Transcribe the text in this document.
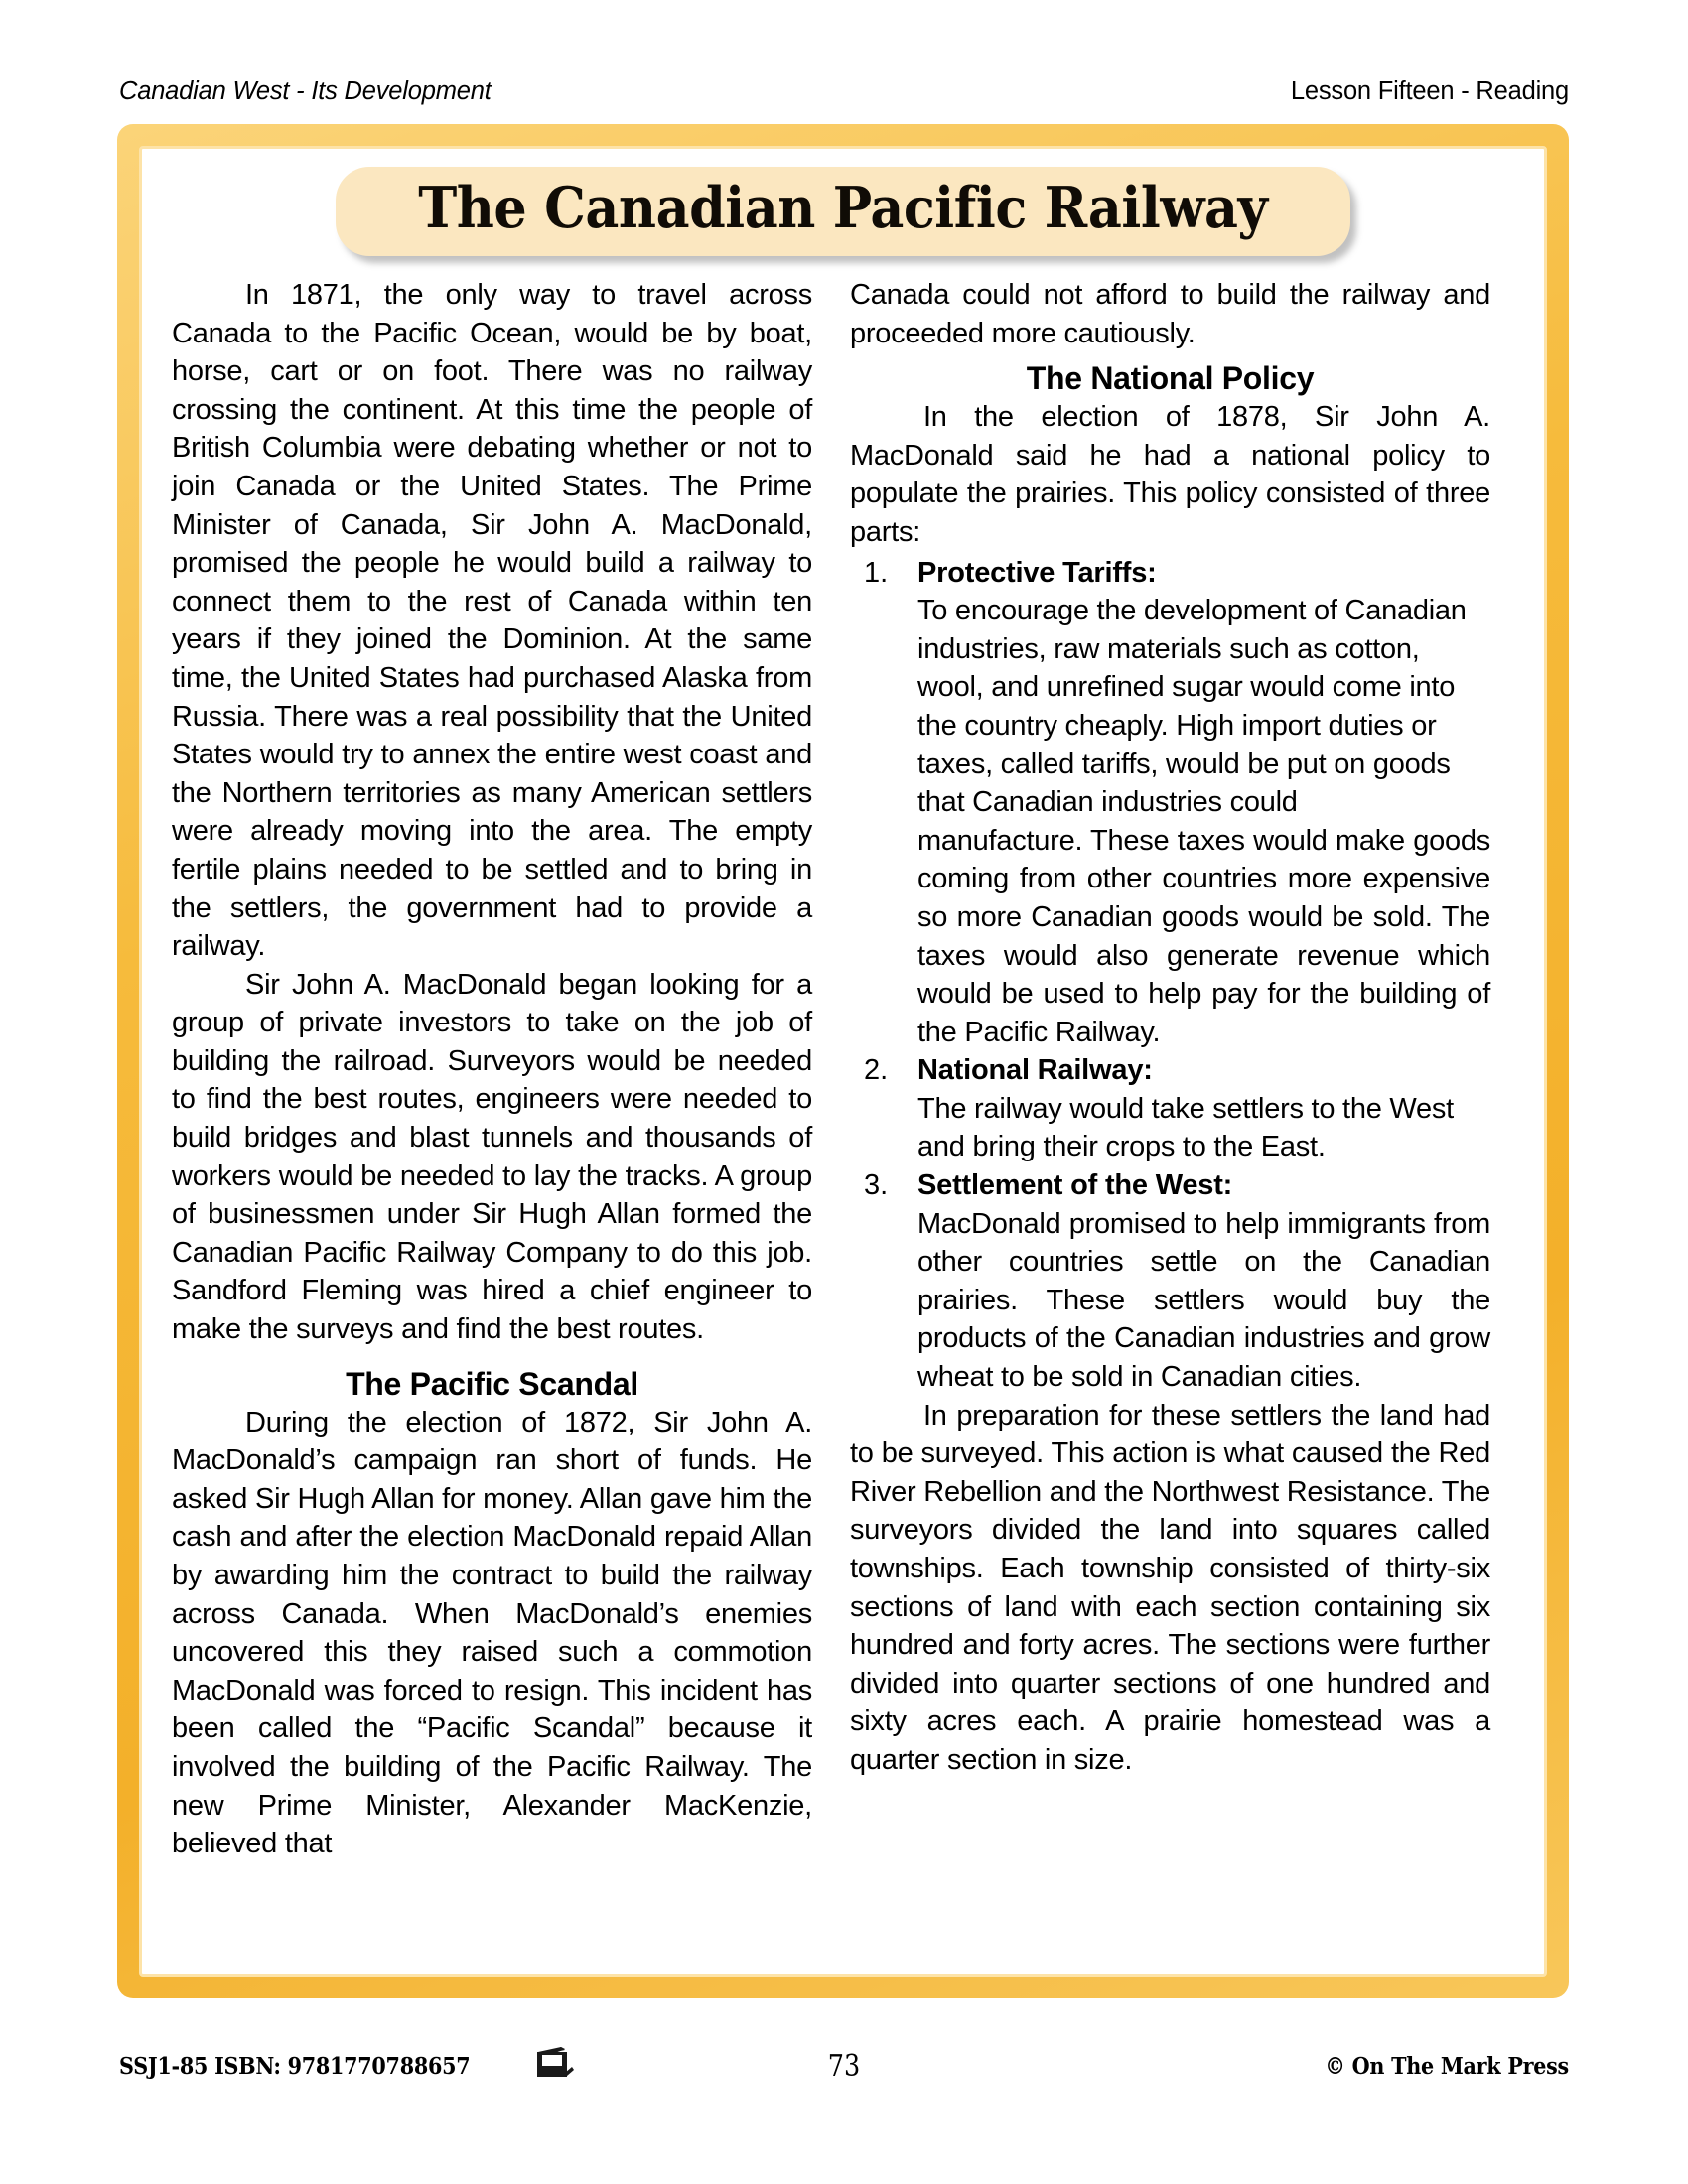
Canadian West - Its Development	Lesson Fifteen - Reading
The Canadian Pacific Railway

In 1871, the only way to travel across Canada to the Pacific Ocean, would be by boat, horse, cart or on foot. There was no railway crossing the continent. At this time the people of British Columbia were debating whether or not to join Canada or the United States. The Prime Minister of Canada, Sir John A. MacDonald, promised the people he would build a railway to connect them to the rest of Canada within ten years if they joined the Dominion. At the same time, the United States had purchased Alaska from Russia. There was a real possibility that the United States would try to annex the entire west coast and the Northern territories as many American settlers were already moving into the area. The empty fertile plains needed to be settled and to bring in the settlers, the government had to provide a railway.

Sir John A. MacDonald began looking for a group of private investors to take on the job of building the railroad. Surveyors would be needed to find the best routes, engineers were needed to build bridges and blast tunnels and thousands of workers would be needed to lay the tracks. A group of businessmen under Sir Hugh Allan formed the Canadian Pacific Railway Company to do this job. Sandford Fleming was hired a chief engineer to make the surveys and find the best routes.

The Pacific Scandal

During the election of 1872, Sir John A. MacDonald’s campaign ran short of funds. He asked Sir Hugh Allan for money. Allan gave him the cash and after the election MacDonald repaid Allan by awarding him the contract to build the railway across Canada. When MacDonald’s enemies uncovered this they raised such a commotion MacDonald was forced to resign. This incident has been called the “Pacific Scandal” because it involved the building of the Pacific Railway. The new Prime Minister, Alexander MacKenzie, believed that

Canada could not afford to build the railway and proceeded more cautiously.

The National Policy

In the election of 1878, Sir John A. MacDonald said he had a national policy to populate the prairies. This policy consisted of three parts:

1. Protective Tariffs:
To encourage the development of Canadian industries, raw materials such as cotton, wool, and unrefined sugar would come into the country cheaply. High import duties or
taxes, called tariffs, would be put on goods that Canadian industries could
manufacture. These taxes would make goods coming from other countries more expensive so more Canadian goods would be sold. The taxes would also generate revenue which would be used to help pay for the building of the Pacific Railway.
2. National Railway:
The railway would take settlers to the West and bring their crops to the East.
3. Settlement of the West:
MacDonald promised to help immigrants from other countries settle on the Canadian prairies. These settlers would buy the products of the Canadian industries and grow wheat to be sold in Canadian cities.

In preparation for these settlers the land had to be surveyed. This action is what caused the Red River Rebellion and the Northwest Resistance. The surveyors divided the land into squares called townships. Each township consisted of thirty-six sections of land with each section containing six hundred and forty acres. The sections were further divided into quarter sections of one hundred and sixty acres each. A prairie homestead was a quarter section in size.

SSJ1-85 ISBN: 9781770788657	73	© On The Mark Press
